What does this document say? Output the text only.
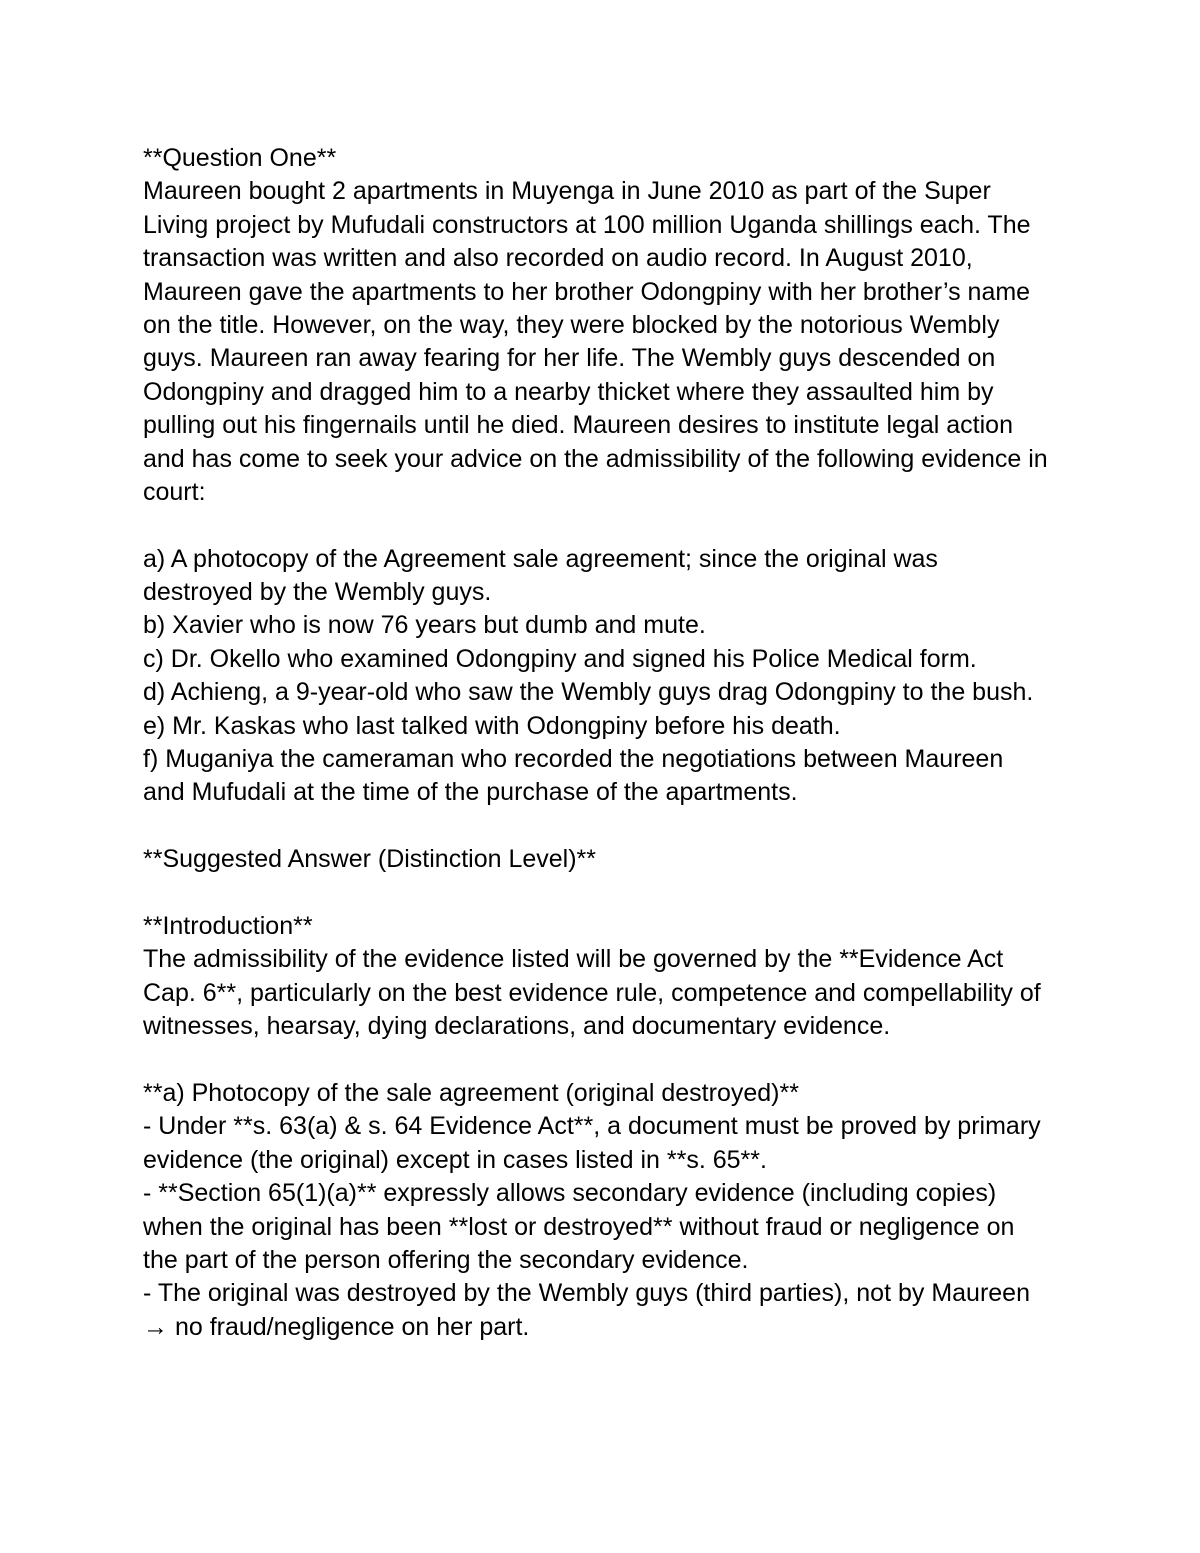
**Question One**
Maureen bought 2 apartments in Muyenga in June 2010 as part of the Super
Living project by Mufudali constructors at 100 million Uganda shillings each. The
transaction was written and also recorded on audio record. In August 2010,
Maureen gave the apartments to her brother Odongpiny with her brother’s name
on the title. However, on the way, they were blocked by the notorious Wembly
guys. Maureen ran away fearing for her life. The Wembly guys descended on
Odongpiny and dragged him to a nearby thicket where they assaulted him by
pulling out his fingernails until he died. Maureen desires to institute legal action
and has come to seek your advice on the admissibility of the following evidence in
court:
a) A photocopy of the Agreement sale agreement; since the original was
destroyed by the Wembly guys.
b) Xavier who is now 76 years but dumb and mute.
c) Dr. Okello who examined Odongpiny and signed his Police Medical form.
d) Achieng, a 9-year-old who saw the Wembly guys drag Odongpiny to the bush.
e) Mr. Kaskas who last talked with Odongpiny before his death.
f) Muganiya the cameraman who recorded the negotiations between Maureen
and Mufudali at the time of the purchase of the apartments.
**Suggested Answer (Distinction Level)**
**Introduction**
The admissibility of the evidence listed will be governed by the **Evidence Act
Cap. 6**, particularly on the best evidence rule, competence and compellability of
witnesses, hearsay, dying declarations, and documentary evidence.
**a) Photocopy of the sale agreement (original destroyed)**
- Under **s. 63(a) & s. 64 Evidence Act**, a document must be proved by primary
evidence (the original) except in cases listed in **s. 65**.
- **Section 65(1)(a)** expressly allows secondary evidence (including copies)
when the original has been **lost or destroyed** without fraud or negligence on
the part of the person offering the secondary evidence.
- The original was destroyed by the Wembly guys (third parties), not by Maureen
→ no fraud/negligence on her part.
